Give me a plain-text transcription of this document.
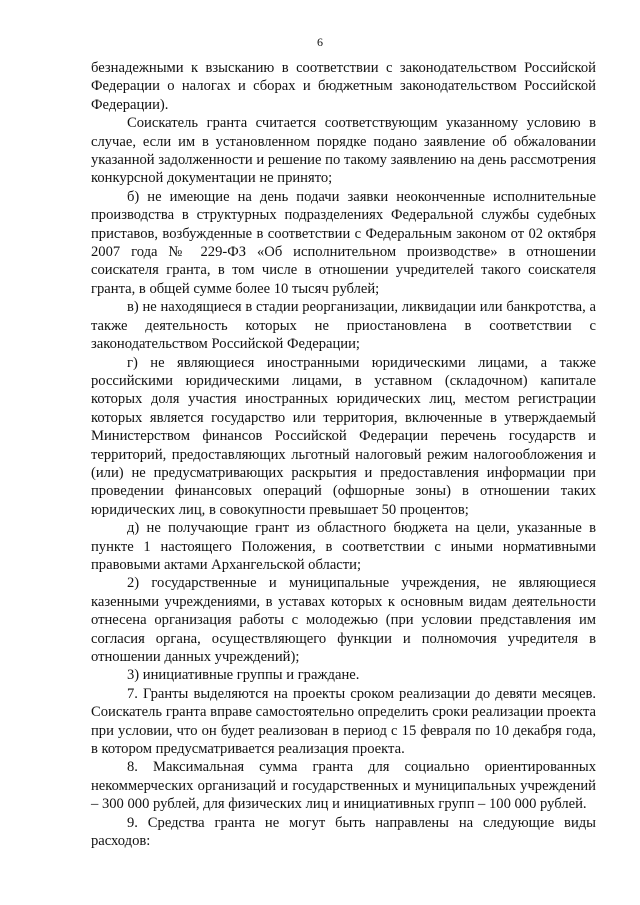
6

безнадежными к взысканию в соответствии с законодательством Российской Федерации о налогах и сборах и бюджетным законодательством Российской Федерации).

Соискатель гранта считается соответствующим указанному условию в случае, если им в установленном порядке подано заявление об обжаловании указанной задолженности и решение по такому заявлению на день рассмотрения конкурсной документации не принято;

б) не имеющие на день подачи заявки неоконченные исполнительные производства в структурных подразделениях Федеральной службы судебных приставов, возбужденные в соответствии с Федеральным законом от 02 октября 2007 года № 229-ФЗ «Об исполнительном производстве» в отношении соискателя гранта, в том числе в отношении учредителей такого соискателя гранта, в общей сумме более 10 тысяч рублей;

в) не находящиеся в стадии реорганизации, ликвидации или банкротства, а также деятельность которых не приостановлена в соответствии с законодательством Российской Федерации;

г) не являющиеся иностранными юридическими лицами, а также российскими юридическими лицами, в уставном (складочном) капитале которых доля участия иностранных юридических лиц, местом регистрации которых является государство или территория, включенные в утверждаемый Министерством финансов Российской Федерации перечень государств и территорий, предоставляющих льготный налоговый режим налогообложения и (или) не предусматривающих раскрытия и предоставления информации при проведении финансовых операций (офшорные зоны) в отношении таких юридических лиц, в совокупности превышает 50 процентов;

д) не получающие грант из областного бюджета на цели, указанные в пункте 1 настоящего Положения, в соответствии с иными нормативными правовыми актами Архангельской области;

2) государственные и муниципальные учреждения, не являющиеся казенными учреждениями, в уставах которых к основным видам деятельности отнесена организация работы с молодежью (при условии представления им согласия органа, осуществляющего функции и полномочия учредителя в отношении данных учреждений);

3) инициативные группы и граждане.

7. Гранты выделяются на проекты сроком реализации до девяти месяцев. Соискатель гранта вправе самостоятельно определить сроки реализации проекта при условии, что он будет реализован в период с 15 февраля по 10 декабря года, в котором предусматривается реализация проекта.

8. Максимальная сумма гранта для социально ориентированных некоммерческих организаций и государственных и муниципальных учреждений – 300 000 рублей, для физических лиц и инициативных групп – 100 000 рублей.

9. Средства гранта не могут быть направлены на следующие виды расходов:
